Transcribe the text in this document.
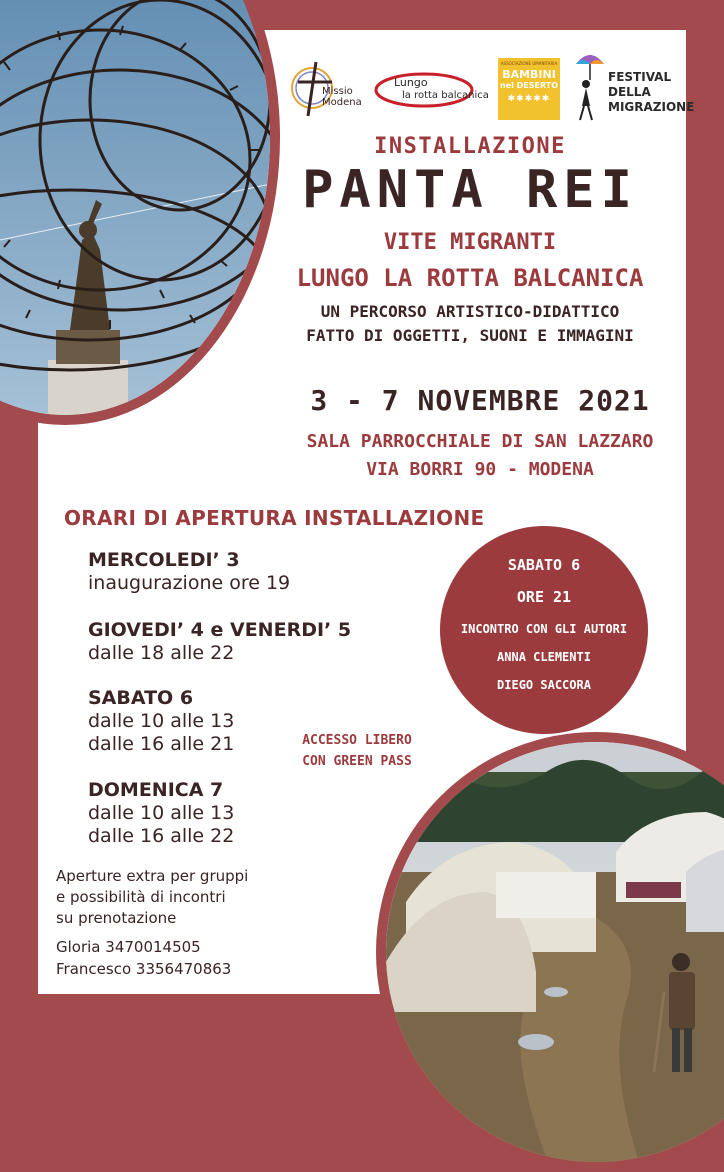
Missio Modena
Lungo
la rotta balcanica
ASSOCIAZIONE UMANITARIA
BAMBINI
nel DESERTO
✱✱✱✱✱
FESTIVAL
DELLA
MIGRAZIONE
INSTALLAZIONE
PANTA REI
VITE MIGRANTI
LUNGO LA ROTTA BALCANICA
UN PERCORSO ARTISTICO-DIDATTICO
FATTO DI OGGETTI, SUONI E IMMAGINI
3 - 7 NOVEMBRE 2021
SALA PARROCCHIALE DI SAN LAZZARO
VIA BORRI 90 - MODENA
ORARI DI APERTURA INSTALLAZIONE
MERCOLEDI’ 3
inaugurazione ore 19
GIOVEDI’ 4 e VENERDI’ 5
dalle 18 alle 22
SABATO 6
dalle 10 alle 13
dalle 16 alle 21
DOMENICA 7
dalle 10 alle 13
dalle 16 alle 22
Aperture extra per gruppi
e possibilità di incontri
su prenotazione
Gloria 3470014505
Francesco 3356470863
ACCESSO LIBERO
CON GREEN PASS
SABATO 6
ORE 21
INCONTRO CON GLI AUTORI
ANNA CLEMENTI
DIEGO SACCORA
